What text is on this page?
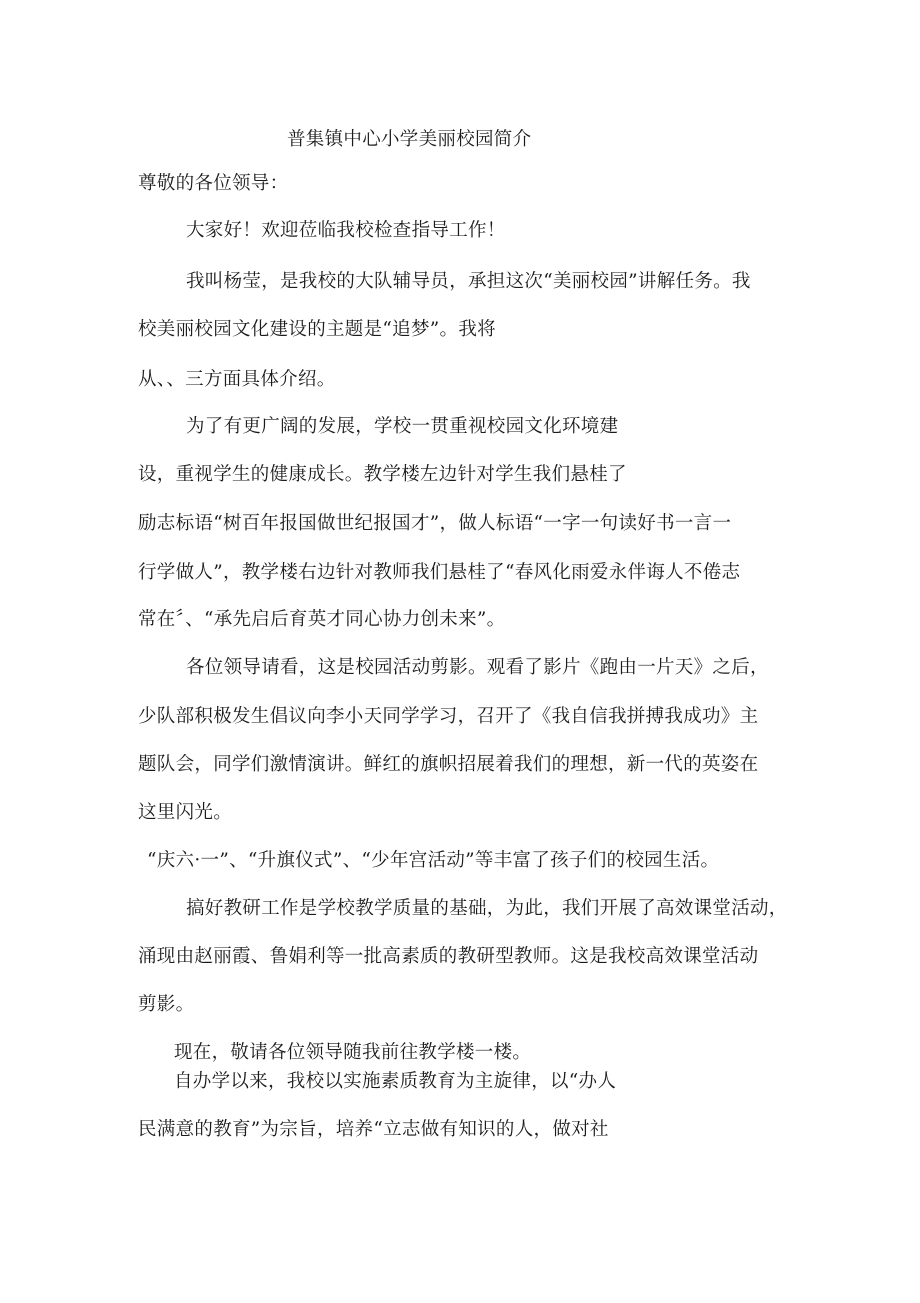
普集镇中心小学美丽校园简介
尊敬的各位领导：
大家好！欢迎莅临我校检查指导工作！
我叫杨莹，是我校的大队辅导员，承担这次“美丽校园”讲解任务。我
校美丽校园文化建设的主题是“追梦”。我将
从、、三方面具体介绍。
为了有更广阔的发展，学校一贯重视校园文化环境建
设，重视学生的健康成长。教学楼左边针对学生我们悬桂了
励志标语“树百年报国做世纪报国才”，做人标语“一字一句读好书一言一
行学做人”，教学楼右边针对教师我们悬桂了“春风化雨爱永伴诲人不倦志
常在〞、“承先启后育英才同心协力创未来”。
各位领导请看，这是校园活动剪影。观看了影片《跑由一片天》之后，
少队部积极发生倡议向李小天同学学习，召开了《我自信我拼搏我成功》主
题队会，同学们激情演讲。鲜红的旗帜招展着我们的理想，新一代的英姿在
这里闪光。
“庆六·一”、“升旗仪式”、“少年宫活动”等丰富了孩子们的校园生活。
搞好教研工作是学校教学质量的基础，为此，我们开展了高效课堂活动，
涌现由赵丽霞、鲁娟利等一批高素质的教研型教师。这是我校高效课堂活动
剪影。
现在，敬请各位领导随我前往教学楼一楼。
自办学以来，我校以实施素质教育为主旋律，以“办人
民满意的教育”为宗旨，培养“立志做有知识的人，做对社
